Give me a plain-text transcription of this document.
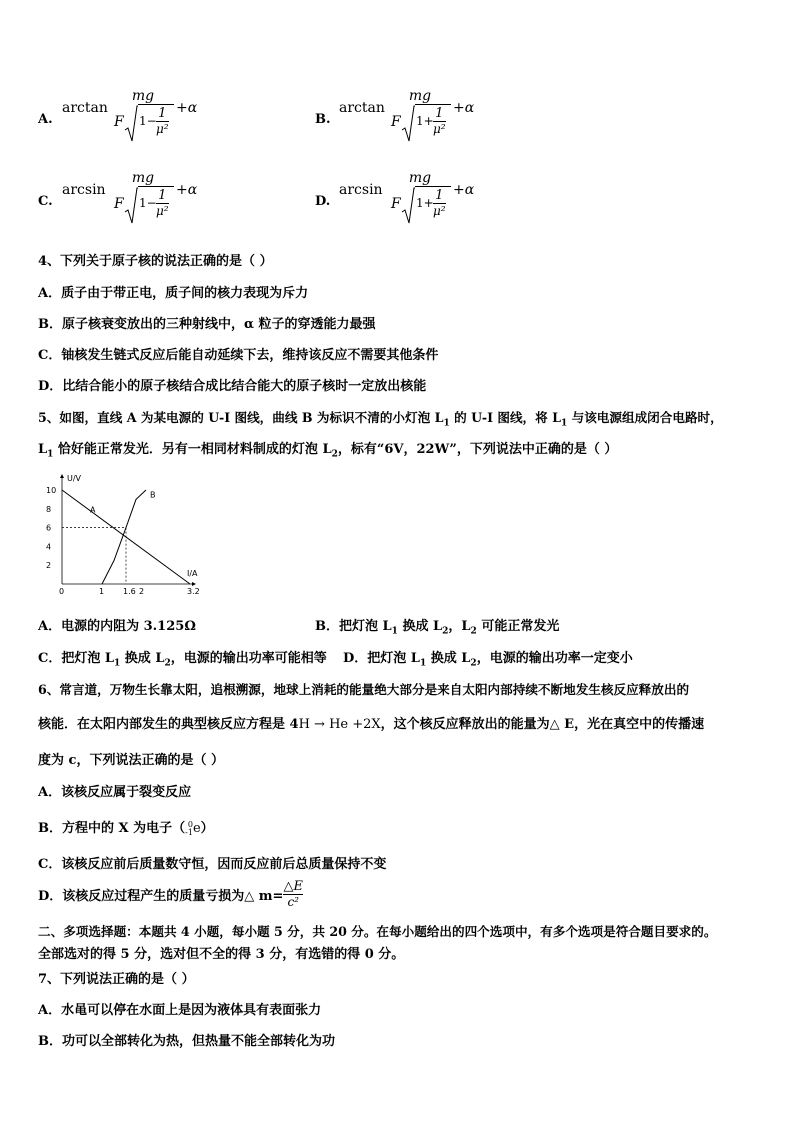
A.
arctan
mg
F 1− 1
μ²
+α
B.
arctan
mg
F 1+ 1
μ²
+α
C.
arcsin
mg
F 1− 1
μ²
+α
D.
arcsin
mg
F 1+ 1
μ²
+α
4、下列关于原子核的说法正确的是（ ）
A．质子由于带正电，质子间的核力表现为斥力
B．原子核衰变放出的三种射线中，α 粒子的穿透能力最强
C．铀核发生链式反应后能自动延续下去，维持该反应不需要其他条件
D．比结合能小的原子核结合成比结合能大的原子核时一定放出核能
5、如图，直线 A 为某电源的 U-I 图线，曲线 B 为标识不清的小灯泡 $L_1$ 的 U-I 图线，将 $L_1$ 与该电源组成闭合电路时，
$L_1$ 恰好能正常发光．另有一相同材料制成的灯泡 $L_2$，标有“6V，22W”，下列说法中正确的是（ ）
U/V
I/A
10
8
6
4
2
0	1 1.6 2	3.2
A
B
A．电源的内阻为 3.125Ω	B．把灯泡 $L_1$ 换成 $L_2$，$L_2$ 可能正常发光
C．把灯泡 $L_1$ 换成 $L_2$，电源的输出功率可能相等 D．把灯泡 $L_1$ 换成 $L_2$，电源的输出功率一定变小
6、常言道，万物生长靠太阳，追根溯源，地球上消耗的能量绝大部分是来自太阳内部持续不断地发生核反应释放出的
核能．在太阳内部发生的典型核反应方程是 4H → He +2X，这个核反应释放出的能量为△ E，光在真空中的传播速
度为 c，下列说法正确的是（ ）
A．该核反应属于裂变反应
B．方程中的 X 为电子（ 0
-1e）
C．该核反应前后质量数守恒，因而反应前后总质量保持不变
D．该核反应过程产生的质量亏损为△ $m= \frac{\triangle E}{\text{c²}}$
二、多项选择题：本题共 4 小题，每小题 5 分，共 20 分。在每小题给出的四个选项中，有多个选项是符合题目要求的。
全部选对的得 5 分，选对但不全的得 3 分，有选错的得 0 分。
7、下列说法正确的是（ ）
A．水黾可以停在水面上是因为液体具有表面张力
B．功可以全部转化为热，但热量不能全部转化为功
